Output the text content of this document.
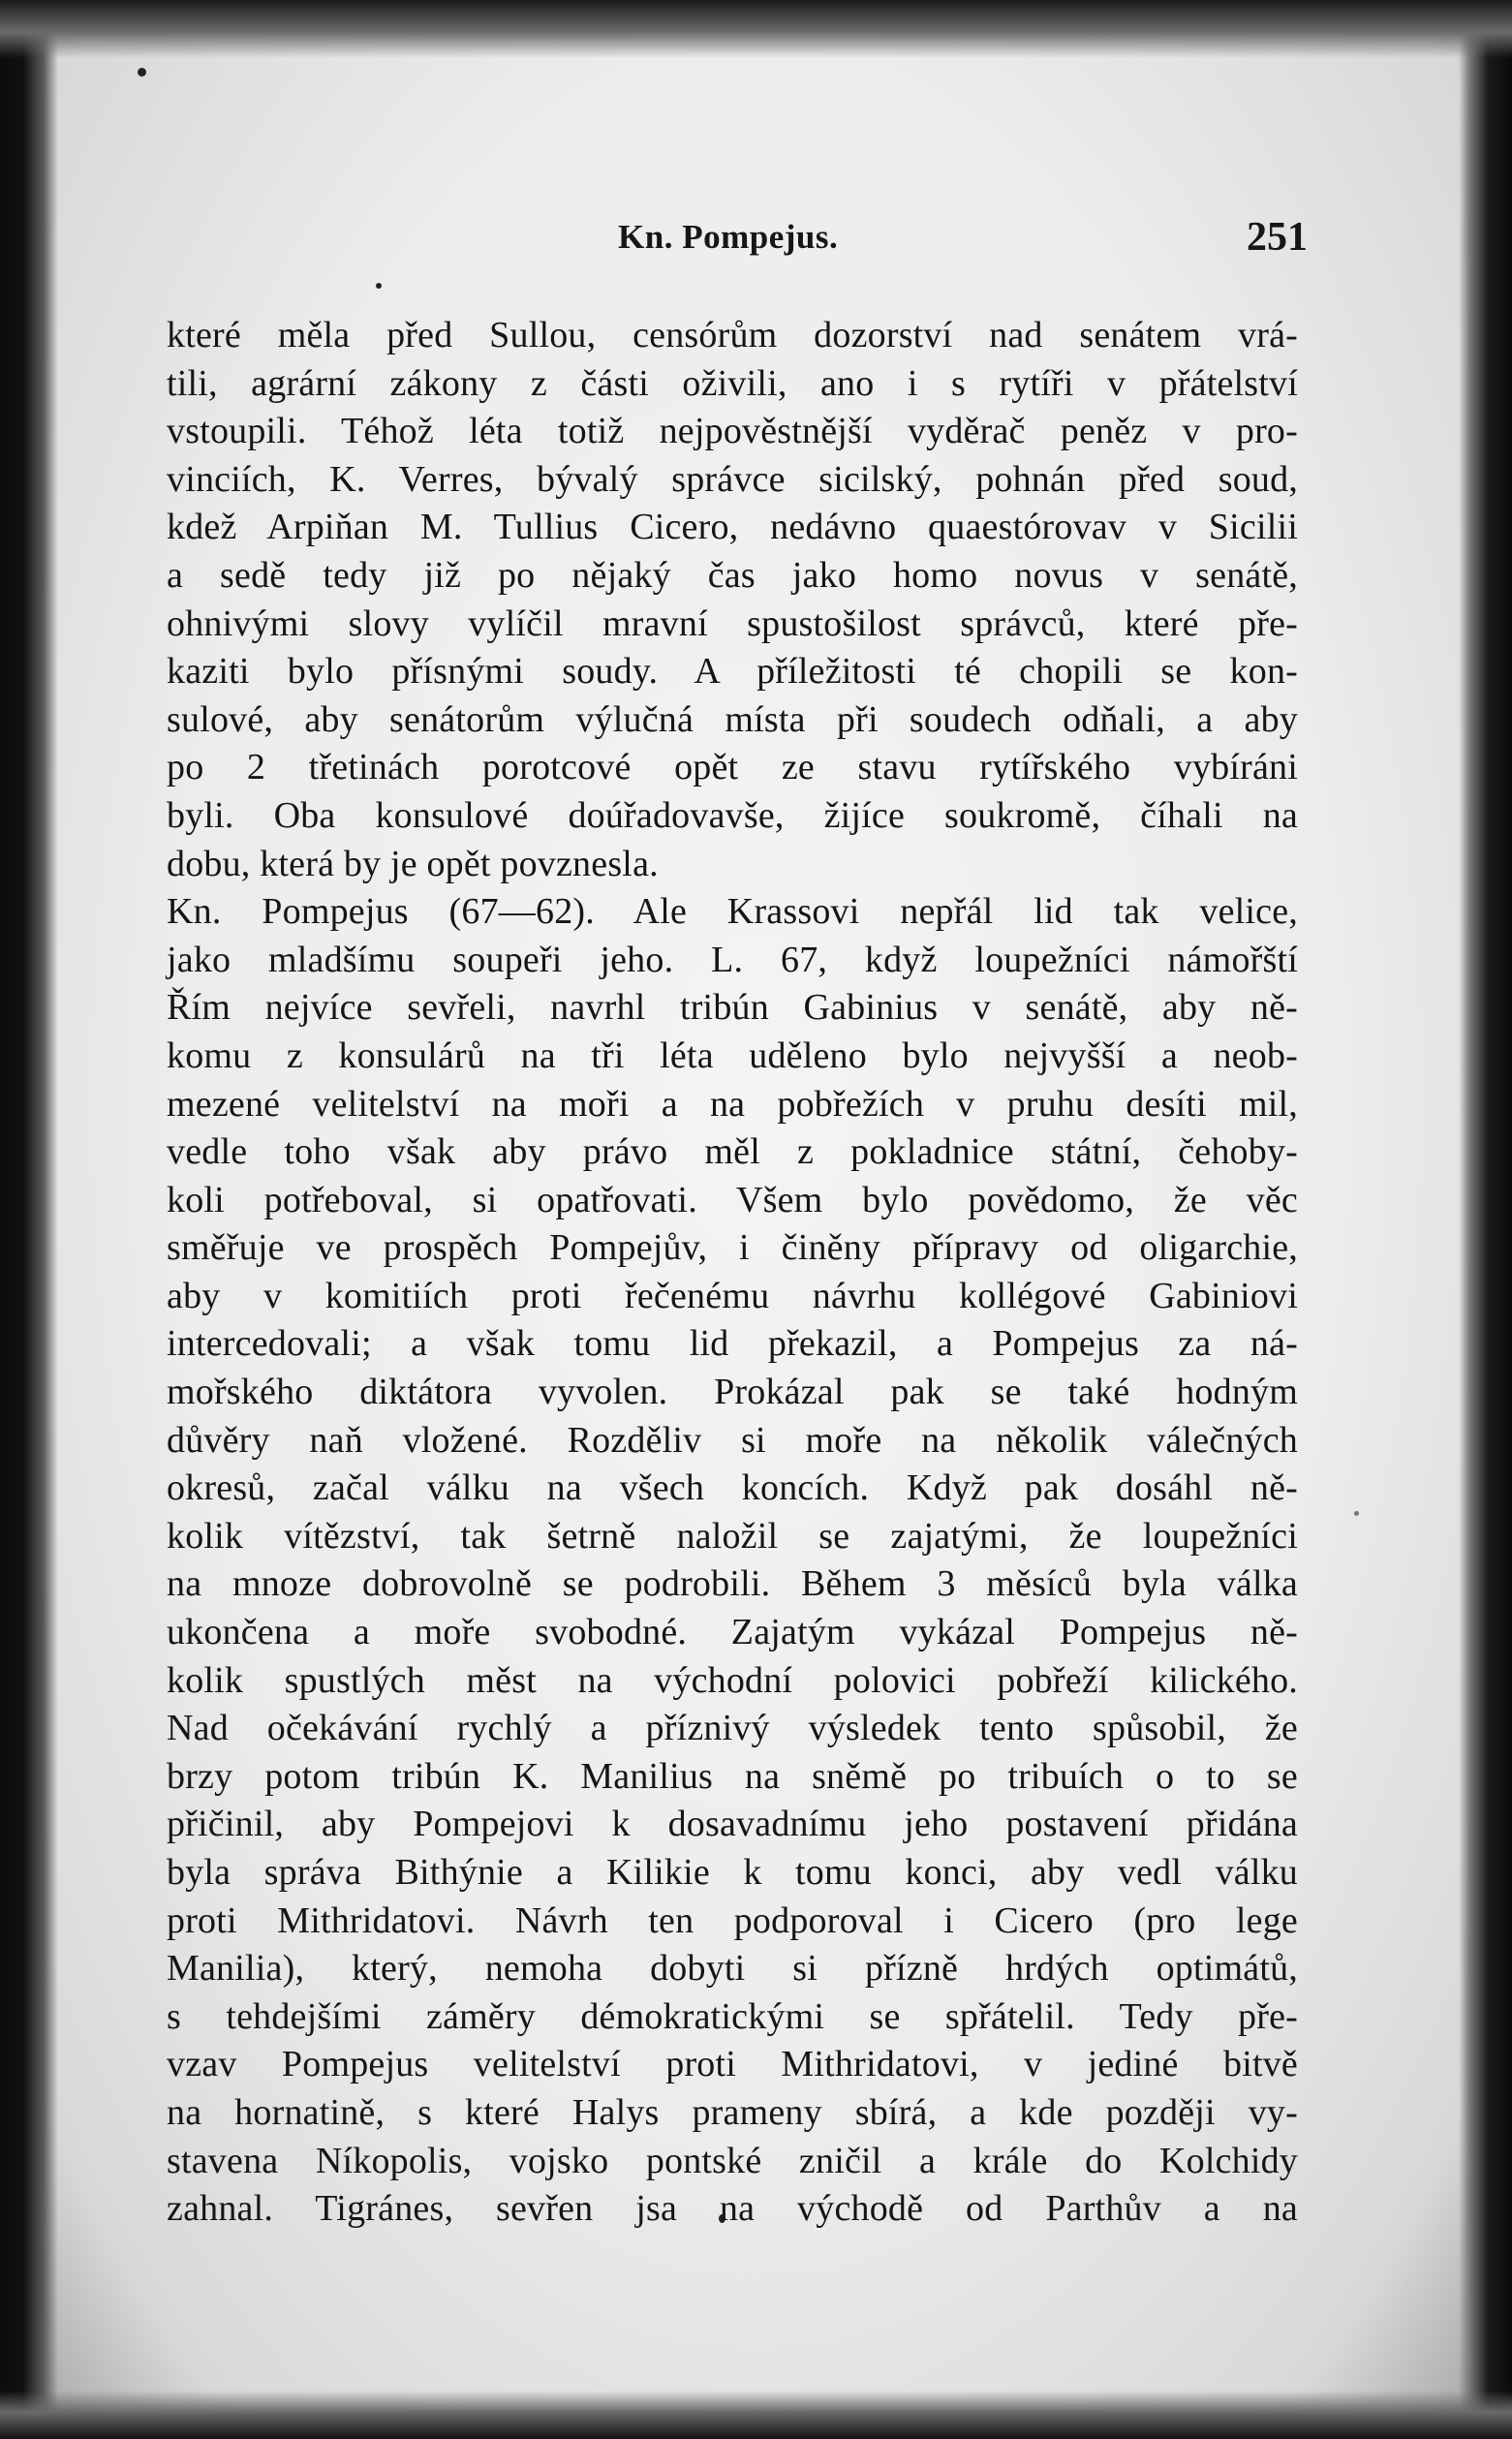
Kn. Pompejus.	251
které měla před Sullou, censórům dozorství nad senátem vrá-
tili, agrární zákony z části oživili, ano i s rytíři v přátelství
vstoupili. Téhož léta totiž nejpověstnější vyděrač peněz v pro-
vinciích, K. Verres, bývalý správce sicilský, pohnán před soud,
kdež Arpiňan M. Tullius Cicero, nedávno quaestórovav v Sicilii
a sedě tedy již po nějaký čas jako homo novus v senátě,
ohnivými slovy vylíčil mravní spustošilost správců, které pře-
kaziti bylo přísnými soudy. A příležitosti té chopili se kon-
sulové, aby senátorům výlučná místa při soudech odňali, a aby
po 2 třetinách porotcové opět ze stavu rytířského vybíráni
byli. Oba konsulové doúřadovavše, žijíce soukromě, číhali na
dobu, která by je opět povznesla.
Kn. Pompejus (67—62). Ale Krassovi nepřál lid tak velice,
jako mladšímu soupeři jeho. L. 67, když loupežníci námořští
Řím nejvíce sevřeli, navrhl tribún Gabinius v senátě, aby ně-
komu z konsulárů na tři léta uděleno bylo nejvyšší a neob-
mezené velitelství na moři a na pobřežích v pruhu desíti mil,
vedle toho však aby právo měl z pokladnice státní, čehoby-
koli potřeboval, si opatřovati. Všem bylo povědomo, že věc
směřuje ve prospěch Pompejův, i činěny přípravy od oligarchie,
aby v komitiích proti řečenému návrhu kollégové Gabiniovi
intercedovali; a však tomu lid překazil, a Pompejus za ná-
mořského diktátora vyvolen. Prokázal pak se také hodným
důvěry naň vložené. Rozděliv si moře na několik válečných
okresů, začal válku na všech koncích. Když pak dosáhl ně-
kolik vítězství, tak šetrně naložil se zajatými, že loupežníci
na mnoze dobrovolně se podrobili. Během 3 měsíců byla válka
ukončena a moře svobodné. Zajatým vykázal Pompejus ně-
kolik spustlých měst na východní polovici pobřeží kilického.
Nad očekávání rychlý a příznivý výsledek tento spůsobil, že
brzy potom tribún K. Manilius na sněmě po tribuích o to se
přičinil, aby Pompejovi k dosavadnímu jeho postavení přidána
byla správa Bithýnie a Kilikie k tomu konci, aby vedl válku
proti Mithridatovi. Návrh ten podporoval i Cicero (pro lege
Manilia), který, nemoha dobyti si přízně hrdých optimátů,
s tehdejšími záměry démokratickými se spřátelil. Tedy pře-
vzav Pompejus velitelství proti Mithridatovi, v jediné bitvě
na hornatině, s které Halys prameny sbírá, a kde později vy-
stavena Níkopolis, vojsko pontské zničil a krále do Kolchidy
zahnal. Tigránes, sevřen jsa na východě od Parthův a na
